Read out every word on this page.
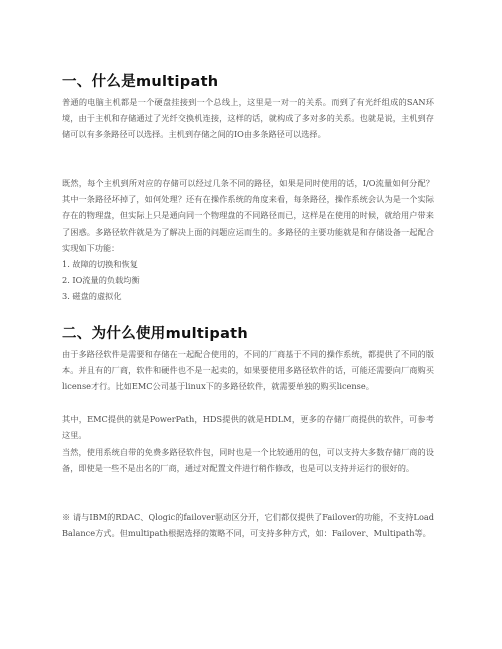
一、什么是multipath

普通的电脑主机都是一个硬盘挂接到一个总线上，这里是一对一的关系。而到了有光纤组成的SAN环境，由于主机和存储通过了光纤交换机连接，这样的话，就构成了多对多的关系。也就是说，主机到存储可以有多条路径可以选择。主机到存储之间的IO由多条路径可以选择。

既然，每个主机到所对应的存储可以经过几条不同的路径，如果是同时使用的话，I/O流量如何分配？其中一条路径坏掉了，如何处理？还有在操作系统的角度来看，每条路径，操作系统会认为是一个实际存在的物理盘，但实际上只是通向同一个物理盘的不同路径而已，这样是在使用的时候，就给用户带来了困惑。多路径软件就是为了解决上面的问题应运而生的。多路径的主要功能就是和存储设备一起配合实现如下功能：

1. 故障的切换和恢复

2. IO流量的负载均衡

3. 磁盘的虚拟化

二、为什么使用multipath

由于多路径软件是需要和存储在一起配合使用的，不同的厂商基于不同的操作系统，都提供了不同的版本。并且有的厂商，软件和硬件也不是一起卖的，如果要使用多路径软件的话，可能还需要向厂商购买license才行。比如EMC公司基于linux下的多路径软件，就需要单独的购买license。

其中，EMC提供的就是PowerPath，HDS提供的就是HDLM，更多的存储厂商提供的软件，可参考这里。

当然，使用系统自带的免费多路径软件包，同时也是一个比较通用的包，可以支持大多数存储厂商的设备，即使是一些不是出名的厂商，通过对配置文件进行稍作修改，也是可以支持并运行的很好的。

※ 请与IBM的RDAC、Qlogic的failover驱动区分开，它们都仅提供了Failover的功能，不支持Load Balance方式。但multipath根据选择的策略不同，可支持多种方式，如：Failover、Multipath等。
